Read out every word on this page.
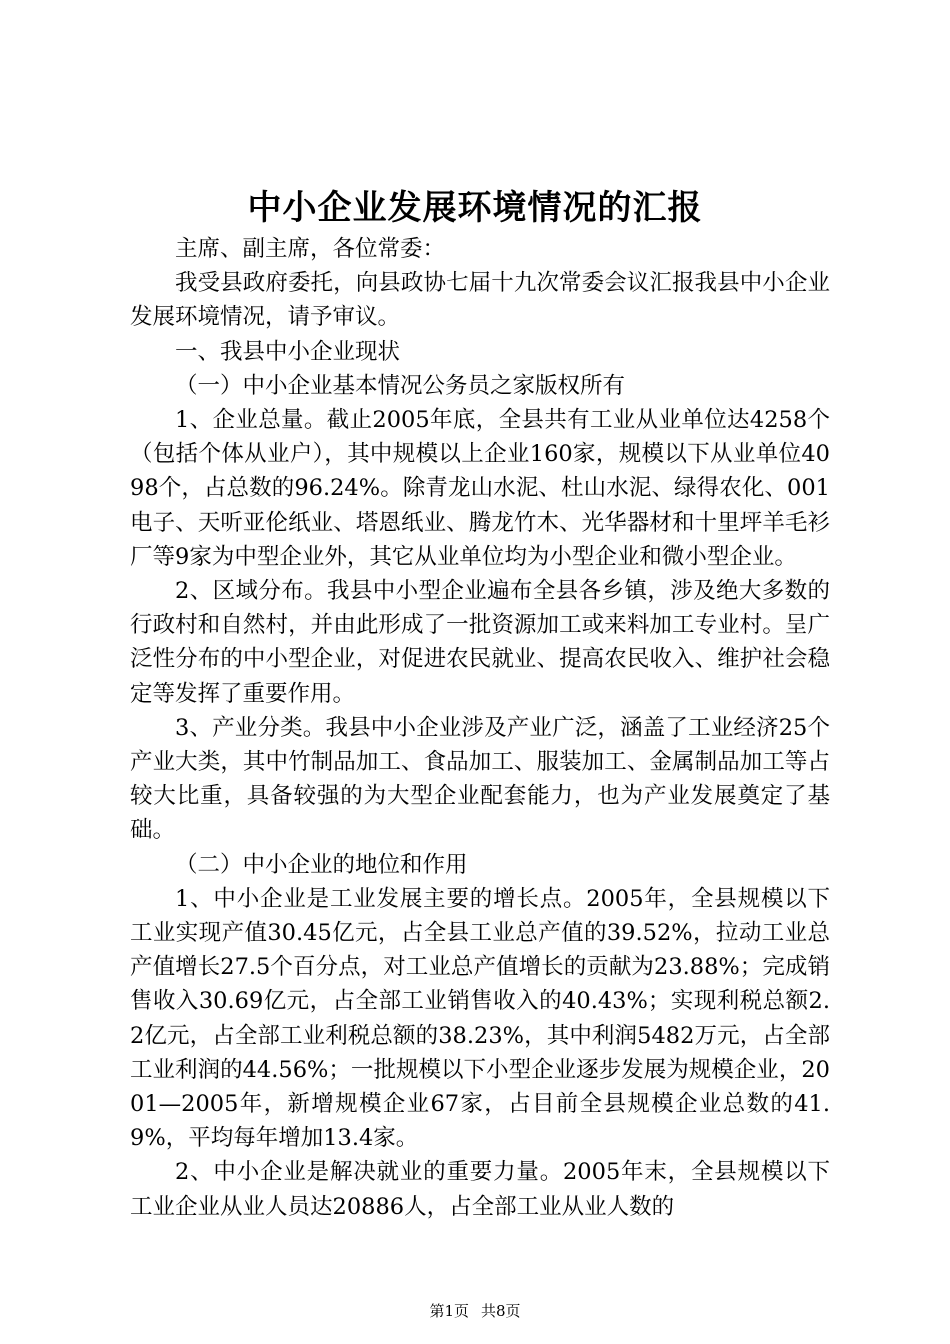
中小企业发展环境情况的汇报

主席、副主席，各位常委：

我受县政府委托，向县政协七届十九次常委会议汇报我县中小企业发展环境情况，请予审议。

一、我县中小企业现状

（一）中小企业基本情况公务员之家版权所有

1、企业总量。截止2005年底，全县共有工业从业单位达4258个（包括个体从业户），其中规模以上企业160家，规模以下从业单位4098个，占总数的96.24%。除青龙山水泥、杜山水泥、绿得农化、001电子、天听亚伦纸业、塔恩纸业、腾龙竹木、光华器材和十里坪羊毛衫厂等9家为中型企业外，其它从业单位均为小型企业和微小型企业。

2、区域分布。我县中小型企业遍布全县各乡镇，涉及绝大多数的行政村和自然村，并由此形成了一批资源加工或来料加工专业村。呈广泛性分布的中小型企业，对促进农民就业、提高农民收入、维护社会稳定等发挥了重要作用。

3、产业分类。我县中小企业涉及产业广泛，涵盖了工业经济25个产业大类，其中竹制品加工、食品加工、服装加工、金属制品加工等占较大比重，具备较强的为大型企业配套能力，也为产业发展奠定了基础。

（二）中小企业的地位和作用

1、中小企业是工业发展主要的增长点。2005年，全县规模以下工业实现产值30.45亿元，占全县工业总产值的39.52%，拉动工业总产值增长27.5个百分点，对工业总产值增长的贡献为23.88%；完成销售收入30.69亿元，占全部工业销售收入的40.43%；实现利税总额2.2亿元，占全部工业利税总额的38.23%，其中利润5482万元，占全部工业利润的44.56%；一批规模以下小型企业逐步发展为规模企业，2001—2005年，新增规模企业67家，占目前全县规模企业总数的41.9%，平均每年增加13.4家。

2、中小企业是解决就业的重要力量。2005年末，全县规模以下工业企业从业人员达20886人，占全部工业从业人数的

第1页 共8页
